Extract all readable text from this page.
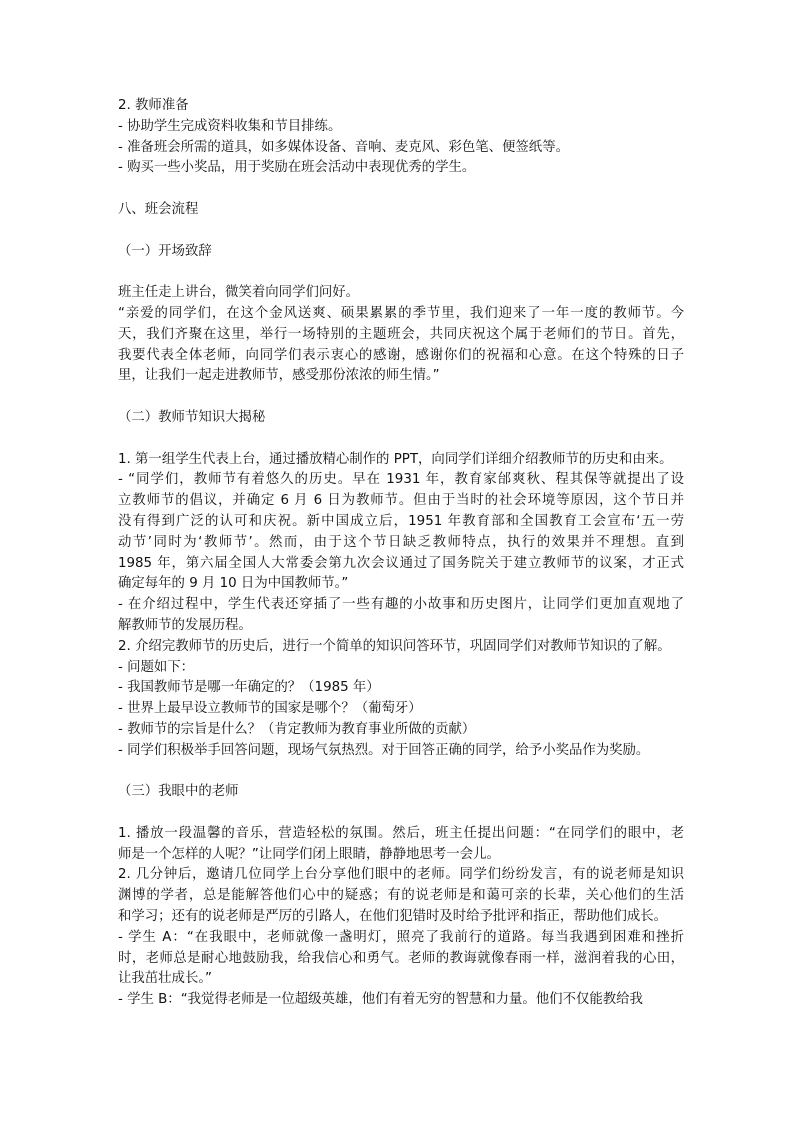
2. 教师准备
- 协助学生完成资料收集和节目排练。
- 准备班会所需的道具，如多媒体设备、音响、麦克风、彩色笔、便签纸等。
- 购买一些小奖品，用于奖励在班会活动中表现优秀的学生。
八、班会流程
（一）开场致辞
班主任走上讲台，微笑着向同学们问好。
“亲爱的同学们，在这个金风送爽、硕果累累的季节里，我们迎来了一年一度的教师节。今
天，我们齐聚在这里，举行一场特别的主题班会，共同庆祝这个属于老师们的节日。首先，
我要代表全体老师，向同学们表示衷心的感谢，感谢你们的祝福和心意。在这个特殊的日子
里，让我们一起走进教师节，感受那份浓浓的师生情。”
（二）教师节知识大揭秘
1. 第一组学生代表上台，通过播放精心制作的 PPT，向同学们详细介绍教师节的历史和由来。
- “同学们，教师节有着悠久的历史。早在 1931 年，教育家邰爽秋、程其保等就提出了设
立教师节的倡议，并确定 6 月 6 日为教师节。但由于当时的社会环境等原因，这个节日并
没有得到广泛的认可和庆祝。新中国成立后，1951 年教育部和全国教育工会宣布‘五一劳
动节’同时为‘教师节’。然而，由于这个节日缺乏教师特点，执行的效果并不理想。直到
1985 年，第六届全国人大常委会第九次会议通过了国务院关于建立教师节的议案，才正式
确定每年的 9 月 10 日为中国教师节。”
- 在介绍过程中，学生代表还穿插了一些有趣的小故事和历史图片，让同学们更加直观地了
解教师节的发展历程。
2. 介绍完教师节的历史后，进行一个简单的知识问答环节，巩固同学们对教师节知识的了解。
- 问题如下：
- 我国教师节是哪一年确定的？（1985 年）
- 世界上最早设立教师节的国家是哪个？（葡萄牙）
- 教师节的宗旨是什么？（肯定教师为教育事业所做的贡献）
- 同学们积极举手回答问题，现场气氛热烈。对于回答正确的同学，给予小奖品作为奖励。
（三）我眼中的老师
1. 播放一段温馨的音乐，营造轻松的氛围。然后，班主任提出问题：“在同学们的眼中，老
师是一个怎样的人呢？”让同学们闭上眼睛，静静地思考一会儿。
2. 几分钟后，邀请几位同学上台分享他们眼中的老师。同学们纷纷发言，有的说老师是知识
渊博的学者，总是能解答他们心中的疑惑；有的说老师是和蔼可亲的长辈，关心他们的生活
和学习；还有的说老师是严厉的引路人，在他们犯错时及时给予批评和指正，帮助他们成长。
- 学生 A：“在我眼中，老师就像一盏明灯，照亮了我前行的道路。每当我遇到困难和挫折
时，老师总是耐心地鼓励我，给我信心和勇气。老师的教诲就像春雨一样，滋润着我的心田，
让我茁壮成长。”
- 学生 B：“我觉得老师是一位超级英雄，他们有着无穷的智慧和力量。他们不仅能教给我
